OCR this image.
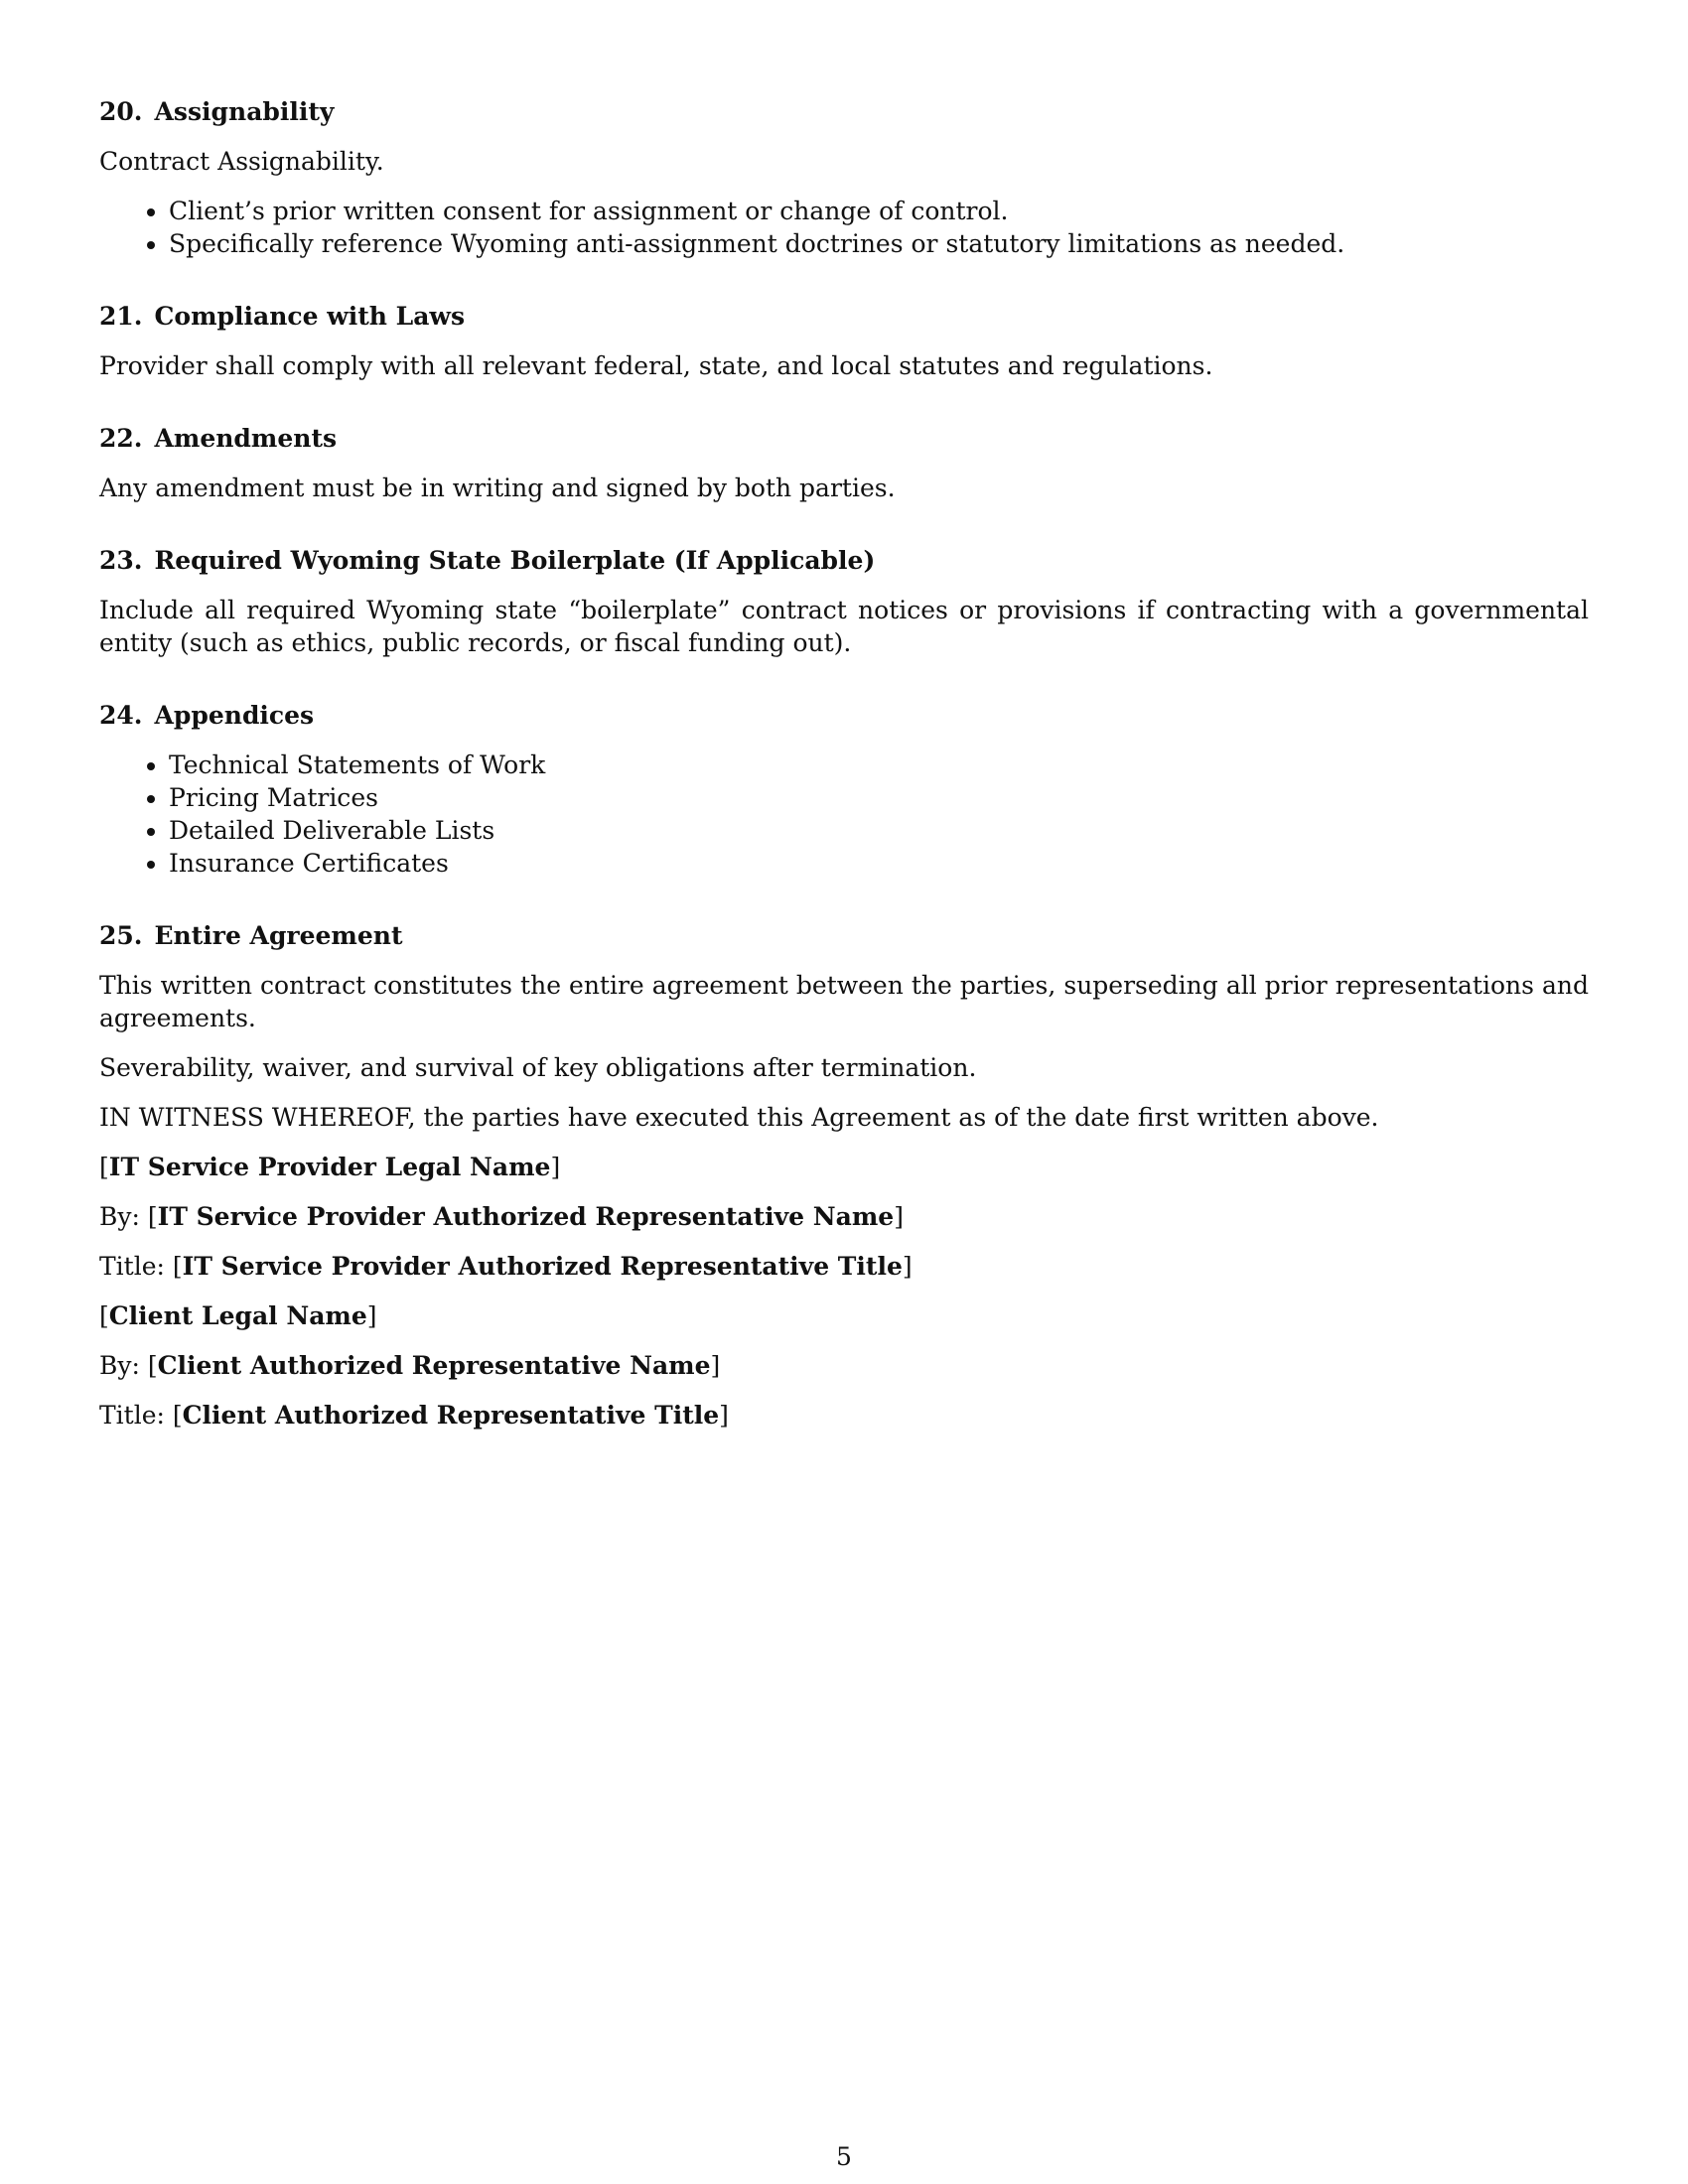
20. Assignability

Contract Assignability.

• Client’s prior written consent for assignment or change of control.
• Specifically reference Wyoming anti-assignment doctrines or statutory limitations as needed.
21. Compliance with Laws

Provider shall comply with all relevant federal, state, and local statutes and regulations.

22. Amendments

Any amendment must be in writing and signed by both parties.

23. Required Wyoming State Boilerplate (If Applicable)

Include all required Wyoming state “boilerplate” contract notices or provisions if contracting with a governmental entity (such as ethics, public records, or fiscal funding out).

24. Appendices
• Technical Statements of Work
• Pricing Matrices
• Detailed Deliverable Lists
• Insurance Certificates
25. Entire Agreement

This written contract constitutes the entire agreement between the parties, superseding all prior representations and agreements.

Severability, waiver, and survival of key obligations after termination.

IN WITNESS WHEREOF, the parties have executed this Agreement as of the date first written above.

[IT Service Provider Legal Name]

By: [IT Service Provider Authorized Representative Name]

Title: [IT Service Provider Authorized Representative Title]

[Client Legal Name]

By: [Client Authorized Representative Name]

Title: [Client Authorized Representative Title]

5
